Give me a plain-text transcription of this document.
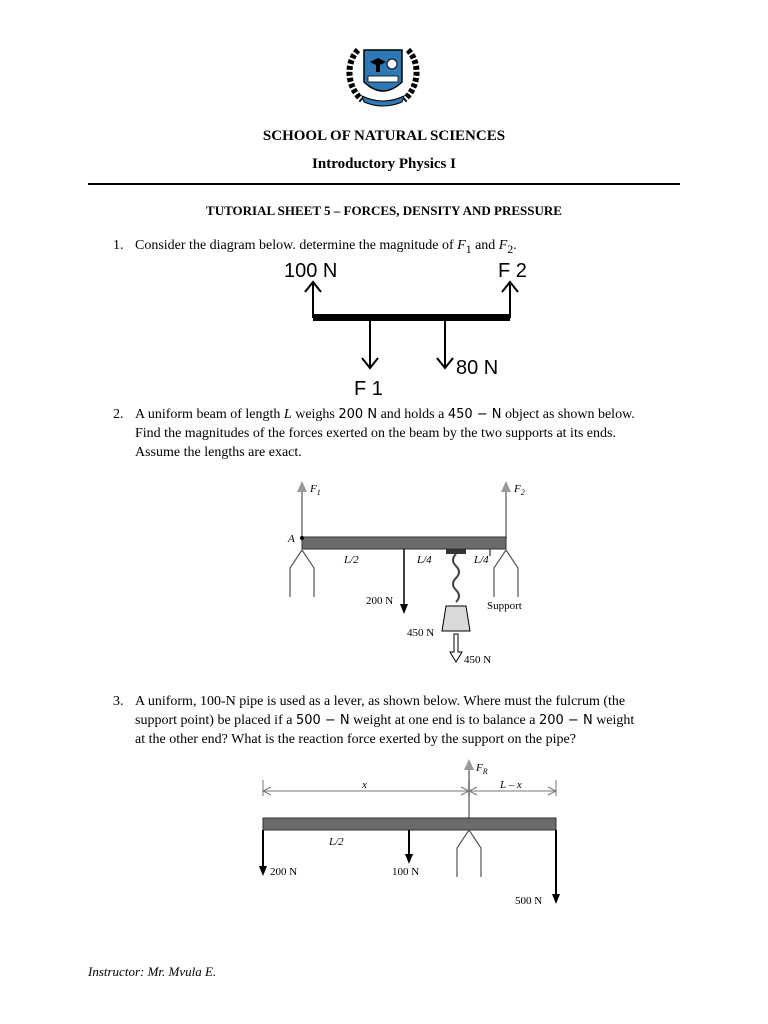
SCHOOL OF NATURAL SCIENCES
Introductory Physics I
TUTORIAL SHEET 5 – FORCES, DENSITY AND PRESSURE
1. Consider the diagram below. determine the magnitude of $F_1$ and $F_2$.
100 N	F 2
80 N
F 1
2. A uniform beam of length L weighs 200 N and holds a 450 − N object as shown below.
Find the magnitudes of the forces exerted on the beam by the two supports at its ends.
Assume the lengths are exact.
$F_1$	$F_2$
A
L/2	L/4	L/4
200 N
450 N
Support
450 N
3. A uniform, 100-N pipe is used as a lever, as shown below. Where must the fulcrum (the
support point) be placed if a 500 − N weight at one end is to balance a 200 − N weight
at the other end? What is the reaction force exerted by the support on the pipe?
$F_R$
x	L – x
L/2
200 N	100 N
500 N
Instructor: Mr. Mvula E.
